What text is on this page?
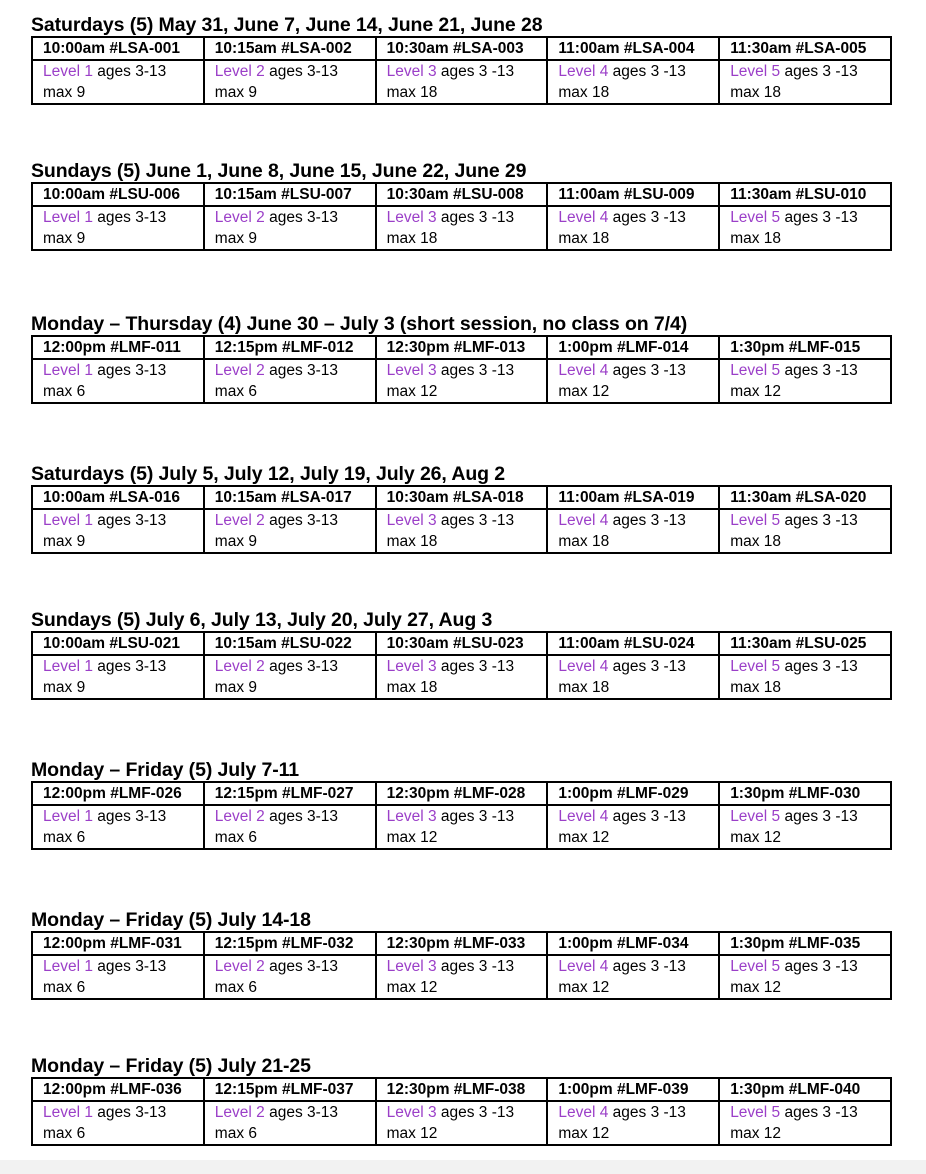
Saturdays (5) May 31, June 7, June 14, June 21, June 28
10:00am #LSA-001	10:15am #LSA-002	10:30am #LSA-003	11:00am #LSA-004	11:30am #LSA-005
Level 1 ages 3-13
max 9	Level 2 ages 3-13
max 9	Level 3 ages 3 -13
max 18	Level 4 ages 3 -13
max 18	Level 5 ages 3 -13
max 18
Sundays (5) June 1, June 8, June 15, June 22, June 29
10:00am #LSU-006	10:15am #LSU-007	10:30am #LSU-008	11:00am #LSU-009	11:30am #LSU-010
Level 1 ages 3-13
max 9	Level 2 ages 3-13
max 9	Level 3 ages 3 -13
max 18	Level 4 ages 3 -13
max 18	Level 5 ages 3 -13
max 18
Monday – Thursday (4) June 30 – July 3 (short session, no class on 7/4)
12:00pm #LMF-011	12:15pm #LMF-012	12:30pm #LMF-013	1:00pm #LMF-014	1:30pm #LMF-015
Level 1 ages 3-13
max 6	Level 2 ages 3-13
max 6	Level 3 ages 3 -13
max 12	Level 4 ages 3 -13
max 12	Level 5 ages 3 -13
max 12
Saturdays (5) July 5, July 12, July 19, July 26, Aug 2
10:00am #LSA-016	10:15am #LSA-017	10:30am #LSA-018	11:00am #LSA-019	11:30am #LSA-020
Level 1 ages 3-13
max 9	Level 2 ages 3-13
max 9	Level 3 ages 3 -13
max 18	Level 4 ages 3 -13
max 18	Level 5 ages 3 -13
max 18
Sundays (5) July 6, July 13, July 20, July 27, Aug 3
10:00am #LSU-021	10:15am #LSU-022	10:30am #LSU-023	11:00am #LSU-024	11:30am #LSU-025
Level 1 ages 3-13
max 9	Level 2 ages 3-13
max 9	Level 3 ages 3 -13
max 18	Level 4 ages 3 -13
max 18	Level 5 ages 3 -13
max 18
Monday – Friday (5) July 7-11
12:00pm #LMF-026	12:15pm #LMF-027	12:30pm #LMF-028	1:00pm #LMF-029	1:30pm #LMF-030
Level 1 ages 3-13
max 6	Level 2 ages 3-13
max 6	Level 3 ages 3 -13
max 12	Level 4 ages 3 -13
max 12	Level 5 ages 3 -13
max 12
Monday – Friday (5) July 14-18
12:00pm #LMF-031	12:15pm #LMF-032	12:30pm #LMF-033	1:00pm #LMF-034	1:30pm #LMF-035
Level 1 ages 3-13
max 6	Level 2 ages 3-13
max 6	Level 3 ages 3 -13
max 12	Level 4 ages 3 -13
max 12	Level 5 ages 3 -13
max 12
Monday – Friday (5) July 21-25
12:00pm #LMF-036	12:15pm #LMF-037	12:30pm #LMF-038	1:00pm #LMF-039	1:30pm #LMF-040
Level 1 ages 3-13
max 6	Level 2 ages 3-13
max 6	Level 3 ages 3 -13
max 12	Level 4 ages 3 -13
max 12	Level 5 ages 3 -13
max 12
